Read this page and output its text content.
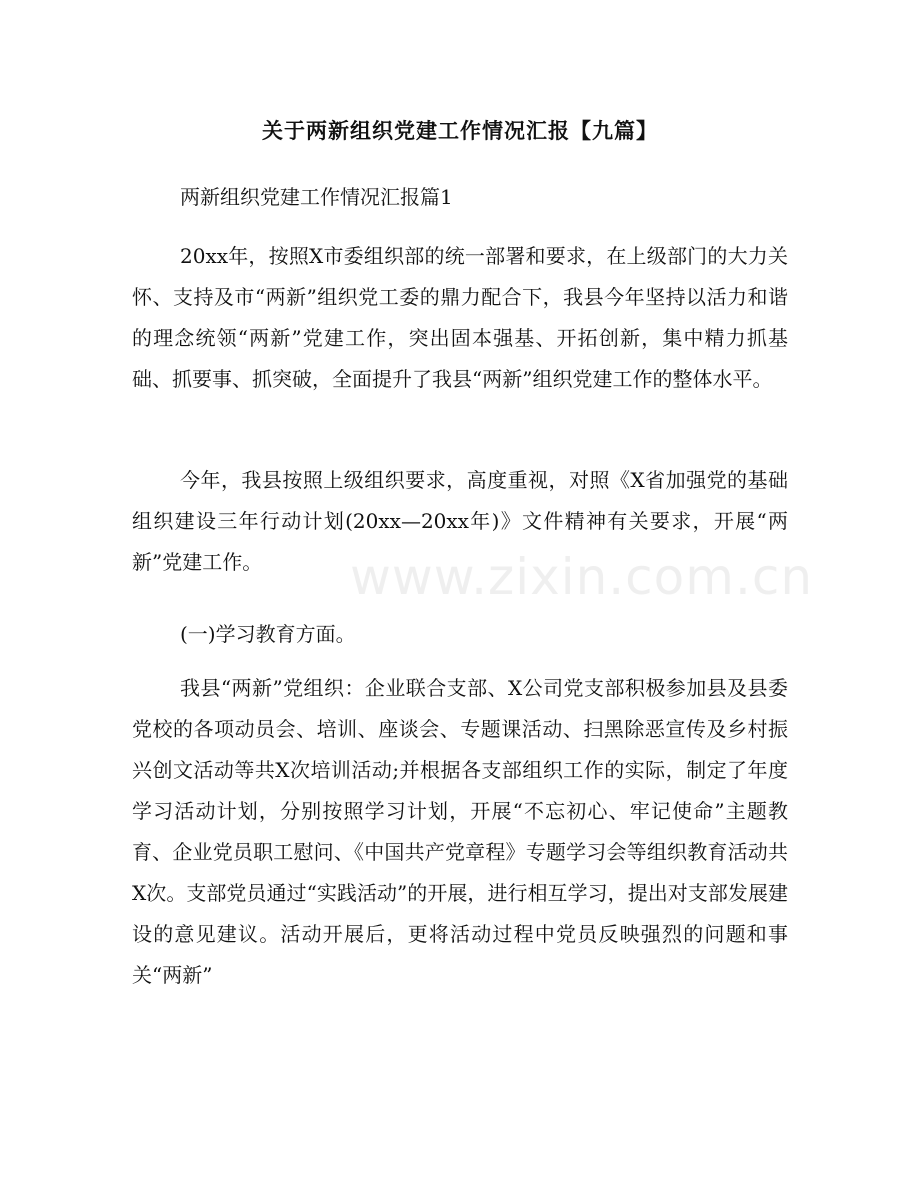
关于两新组织党建工作情况汇报【九篇】

两新组织党建工作情况汇报篇1

20xx年，按照X市委组织部的统一部署和要求，在上级部门的大力关怀、支持及市“两新”组织党工委的鼎力配合下，我县今年坚持以活力和谐的理念统领“两新”党建工作，突出固本强基、开拓创新，集中精力抓基础、抓要事、抓突破，全面提升了我县“两新”组织党建工作的整体水平。

今年，我县按照上级组织要求，高度重视，对照《X省加强党的基础组织建设三年行动计划(20xx—20xx年)》文件精神有关要求，开展“两新”党建工作。

(一)学习教育方面。

我县“两新”党组织：企业联合支部、X公司党支部积极参加县及县委党校的各项动员会、培训、座谈会、专题课活动、扫黑除恶宣传及乡村振兴创文活动等共X次培训活动;并根据各支部组织工作的实际，制定了年度学习活动计划，分别按照学习计划，开展“不忘初心、牢记使命”主题教育、企业党员职工慰问、《中国共产党章程》专题学习会等组织教育活动共X次。支部党员通过“实践活动”的开展，进行相互学习，提出对支部发展建设的意见建议。活动开展后，更将活动过程中党员反映强烈的问题和事关“两新”

www.zixin.com.cn
